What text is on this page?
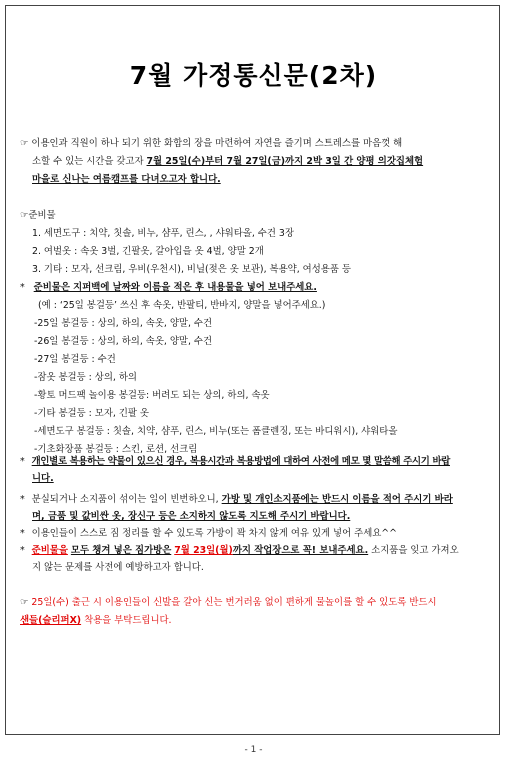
7월 가정통신문(2차)
☞ 이용인과 직원이 하나 되기 위한 화합의 장을 마련하여 자연을 즐기며 스트레스를 마음껏 해
소할 수 있는 시간을 갖고자 7월 25일(수)부터 7월 27일(금)까지 2박 3일 간 양평 의갓집체험
마을로 신나는 여름캠프를 다녀오고자 합니다.
☞준비물
1. 세면도구 : 치약, 칫솔, 비누, 샴푸, 린스, , 샤워타올, 수건 3장
2. 여벌옷 : 속옷 3벌, 긴팔옷, 갈아입을 옷 4벌, 양말 2개
3. 기타 : 모자, 선크림, 우비(우천시), 비닐(젖은 옷 보관), 복용약, 여성용품 등
* 준비물은 지퍼백에 날짜와 이름을 적은 후 내용물을 넣어 보내주세요.
(예 : ‘25일 봉걸등’ 쓰신 후 속옷, 반팔티, 반바지, 양말을 넣어주세요.)
-25일 봉걸등 : 상의, 하의, 속옷, 양말, 수건
-26일 봉걸등 : 상의, 하의, 속옷, 양말, 수건
-27일 봉걸등 : 수건
-잠옷 봉걸등 : 상의, 하의
-황토 머드팩 놀이용 봉걸등: 버려도 되는 상의, 하의, 속옷
-기타 봉걸등 : 모자, 긴팔 옷
-세면도구 봉걸등 : 칫솔, 치약, 샴푸, 린스, 비누(또는 폼클렌징, 또는 바디워시), 샤워타올
-기초화장품 봉걸등 : 스킨, 로션, 선크림
* 개인별로 복용하는 약물이 있으신 경우, 복용시간과 복용방법에 대하여 사전에 메모 몇 말씀해 주시기 바랍
니다.
* 분실되거나 소지품이 섞이는 일이 빈번하오니, 가방 및 개인소지품에는 반드시 이름을 적어 주시기 바라
며, 금품 및 값비싼 옷, 장신구 등은 소지하지 않도록 지도해 주시기 바랍니다.
* 이용인들이 스스로 짐 정리를 할 수 있도록 가방이 꽉 차지 않게 여유 있게 넣어 주세요^^
* 준비물을 모두 챙겨 넣은 짐가방은 7월 23일(월)까지 작업장으로 꼭! 보내주세요. 소지품을 잊고 가져오
지 않는 문제를 사전에 예방하고자 합니다.
☞ 25일(수) 출근 시 이용인들이 신발을 갈아 신는 번거러움 없이 편하게 물놀이를 할 수 있도록 반드시
샌들(슬리퍼X) 착용을 부탁드립니다.
- 1 -
